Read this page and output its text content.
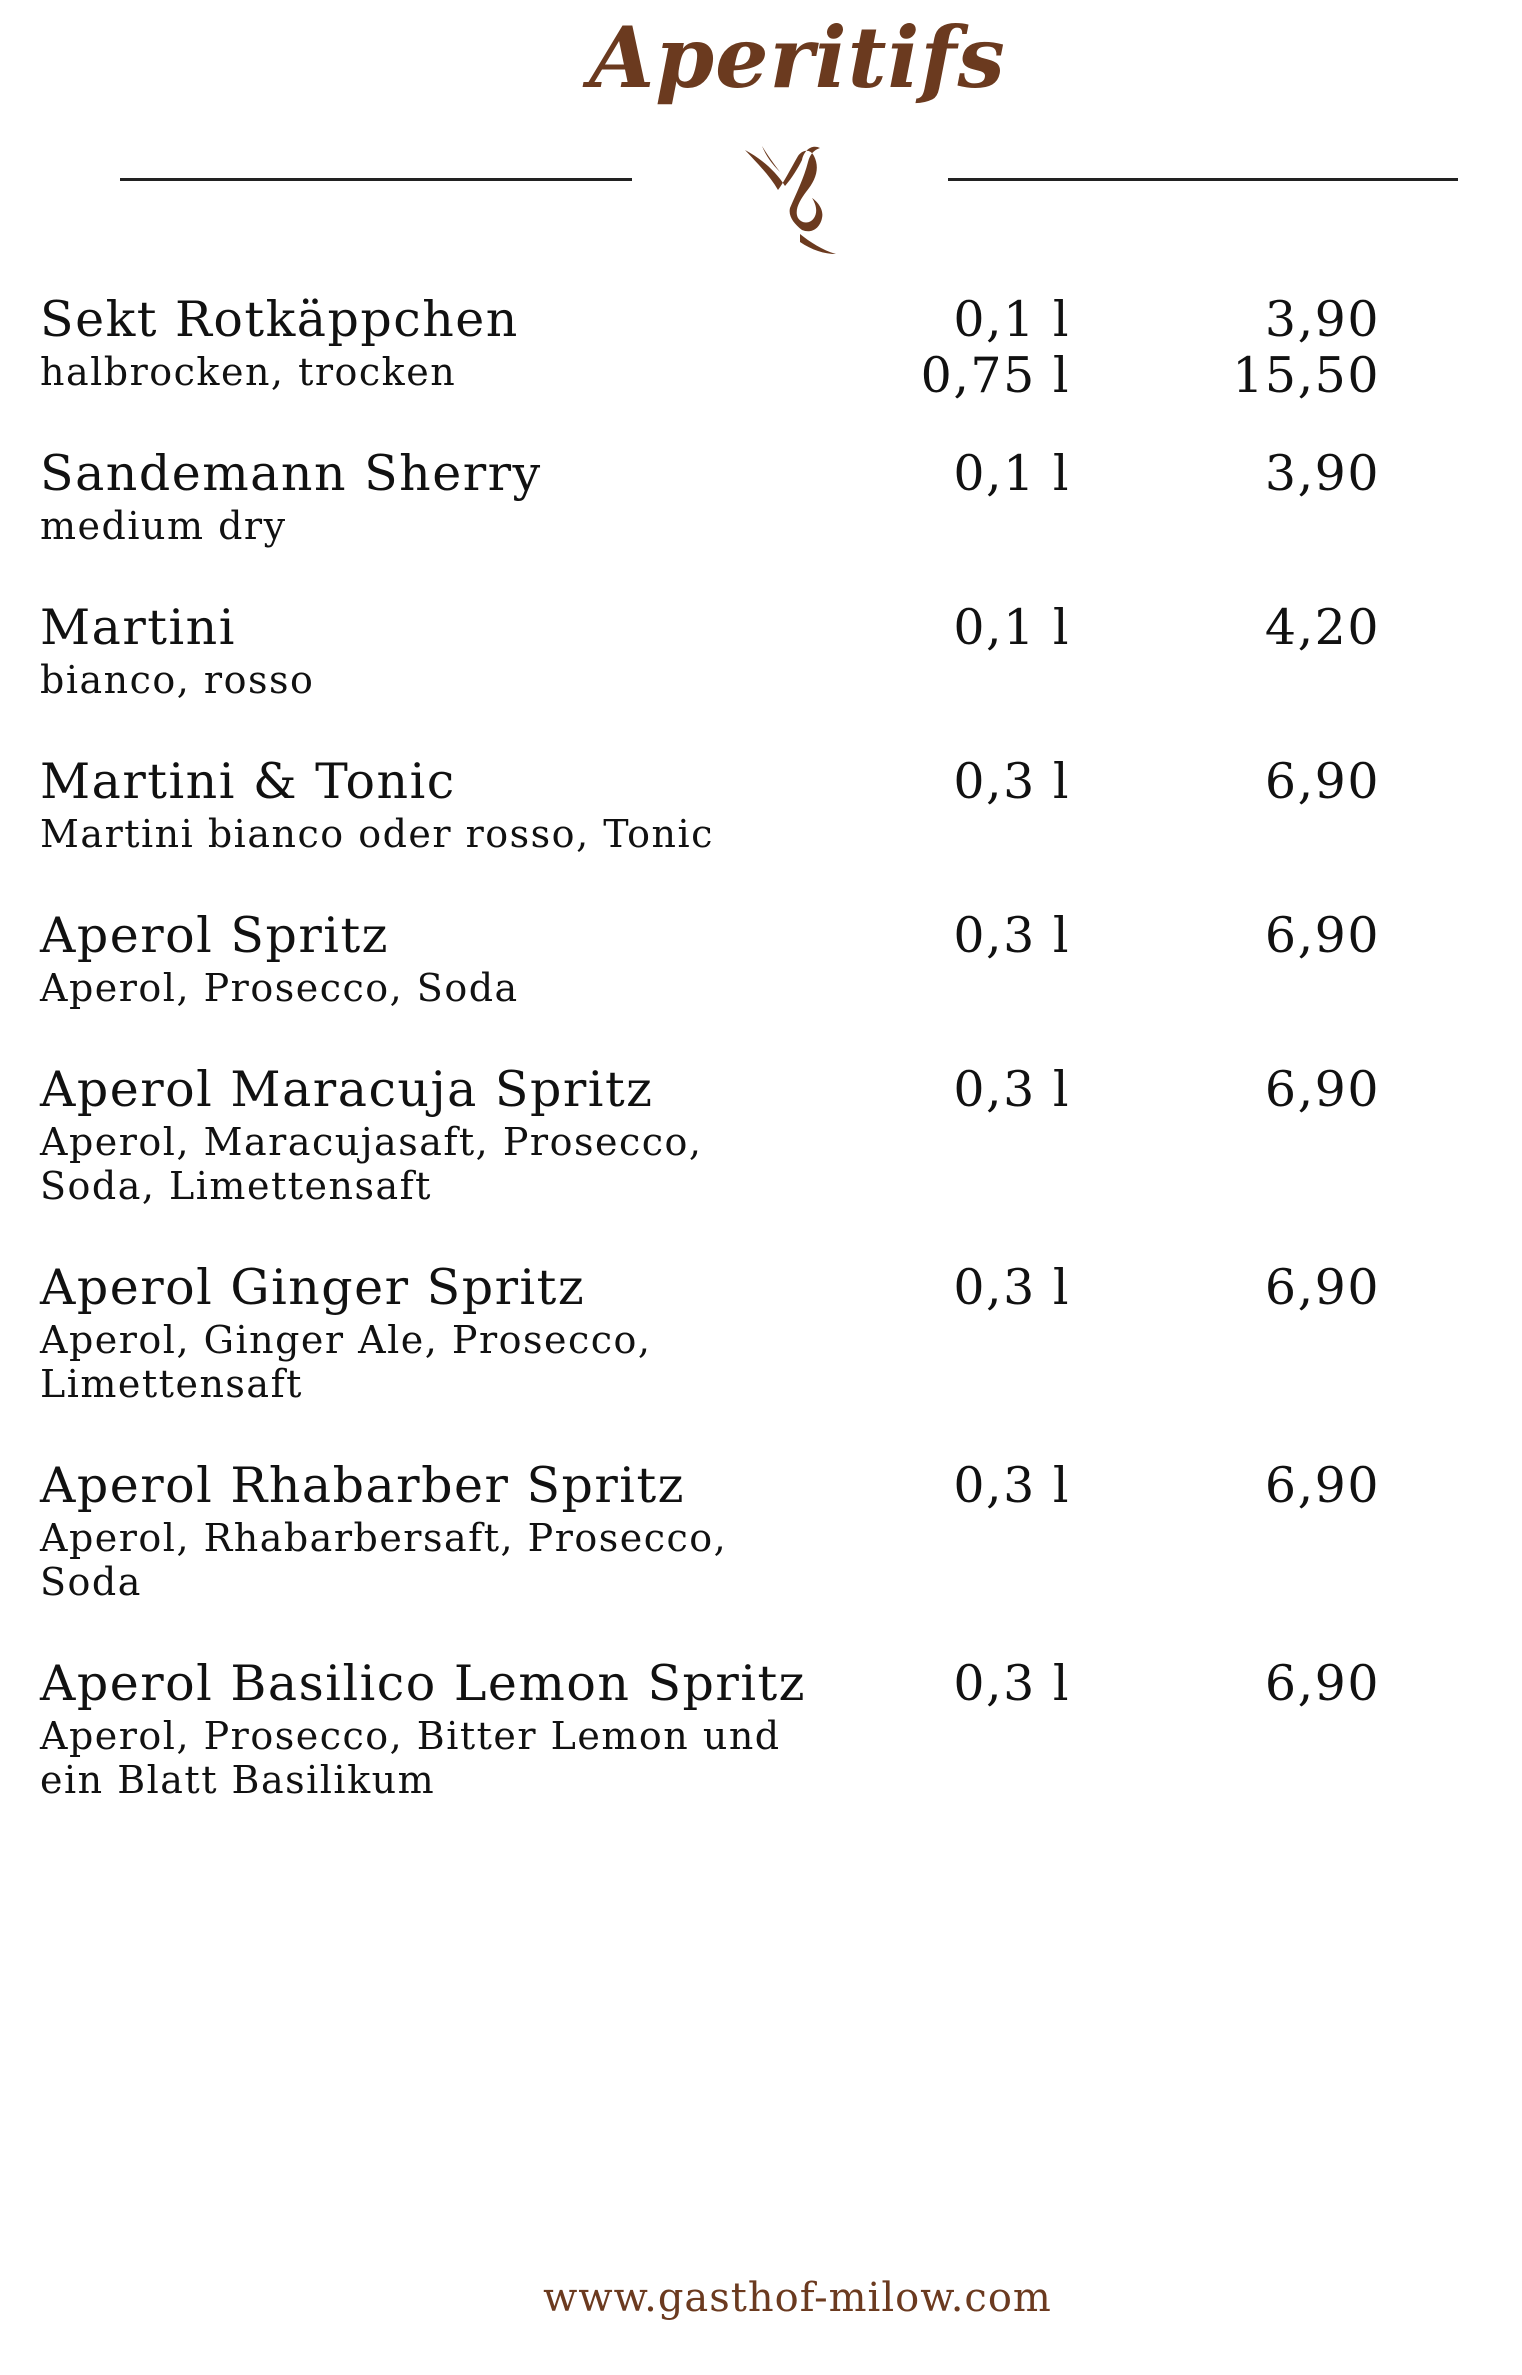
Aperitifs
Sekt Rotkäppchen	0,1 l	3,90
0,75 l	15,50
halbrocken, trocken
Sandemann Sherry	0,1 l	3,90
medium dry
Martini	0,1 l	4,20
bianco, rosso
Martini & Tonic	0,3 l	6,90
Martini bianco oder rosso, Tonic
Aperol Spritz	0,3 l	6,90
Aperol, Prosecco, Soda
Aperol Maracuja Spritz	0,3 l	6,90
Aperol, Maracujasaft, Prosecco, Soda, Limettensaft
Aperol Ginger Spritz	0,3 l	6,90
Aperol, Ginger Ale, Prosecco, Limettensaft
Aperol Rhabarber Spritz	0,3 l	6,90
Aperol, Rhabarbersaft, Prosecco, Soda
Aperol Basilico Lemon Spritz	0,3 l	6,90
Aperol, Prosecco, Bitter Lemon und ein Blatt Basilikum
www.gasthof-milow.com
